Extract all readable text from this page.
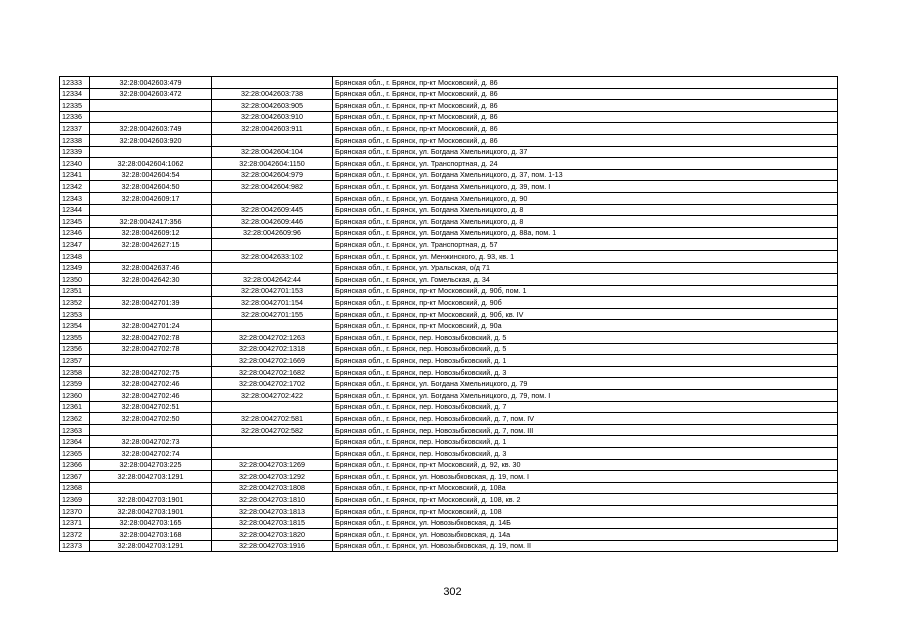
12333	32:28:0042603:479		Брянская обл., г. Брянск, пр-кт Московский, д. 86
12334	32:28:0042603:472	32:28:0042603:738	Брянская обл., г. Брянск, пр-кт Московский, д. 86
12335		32:28:0042603:905	Брянская обл., г. Брянск, пр-кт Московский, д. 86
12336		32:28:0042603:910	Брянская обл., г. Брянск, пр-кт Московский, д. 86
12337	32:28:0042603:749	32:28:0042603:911	Брянская обл., г. Брянск, пр-кт Московский, д. 86
12338	32:28:0042603:920		Брянская обл., г. Брянск, пр-кт Московский, д. 86
12339		32:28:0042604:104	Брянская обл., г. Брянск, ул. Богдана Хмельницкого, д. 37
12340	32:28:0042604:1062	32:28:0042604:1150	Брянская обл., г. Брянск, ул. Транспортная, д. 24
12341	32:28:0042604:54	32:28:0042604:979	Брянская обл., г. Брянск, ул. Богдана Хмельницкого, д. 37, пом. 1-13
12342	32:28:0042604:50	32:28:0042604:982	Брянская обл., г. Брянск, ул. Богдана Хмельницкого, д. 39, пом. I
12343	32:28:0042609:17		Брянская обл., г. Брянск, ул. Богдана Хмельницкого, д. 90
12344		32:28:0042609:445	Брянская обл., г. Брянск, ул. Богдана Хмельницкого, д. 8
12345	32:28:0042417:356	32:28:0042609:446	Брянская обл., г. Брянск, ул. Богдана Хмельницкого, д. 8
12346	32:28:0042609:12	32:28:0042609:96	Брянская обл., г. Брянск, ул. Богдана Хмельницкого, д. 88а, пом. 1
12347	32:28:0042627:15		Брянская обл., г. Брянск, ул. Транспортная, д. 57
12348		32:28:0042633:102	Брянская обл., г. Брянск, ул. Менжинского, д. 93, кв. 1
12349	32:28:0042637:46		Брянская обл., г. Брянск, ул. Уральская, о/д 71
12350	32:28:0042642:30	32:28:0042642:44	Брянская обл., г. Брянск, ул. Гомельская, д. 34
12351		32:28:0042701:153	Брянская обл., г. Брянск, пр-кт Московский, д. 90б, пом. 1
12352	32:28:0042701:39	32:28:0042701:154	Брянская обл., г. Брянск, пр-кт Московский, д. 90б
12353		32:28:0042701:155	Брянская обл., г. Брянск, пр-кт Московский, д. 90б, кв. IV
12354	32:28:0042701:24		Брянская обл., г. Брянск, пр-кт Московский, д. 90а
12355	32:28:0042702:78	32:28:0042702:1263	Брянская обл., г. Брянск, пер. Новозыбковский, д. 5
12356	32:28:0042702:78	32:28:0042702:1318	Брянская обл., г. Брянск, пер. Новозыбковский, д. 5
12357		32:28:0042702:1669	Брянская обл., г. Брянск, пер. Новозыбковский, д. 1
12358	32:28:0042702:75	32:28:0042702:1682	Брянская обл., г. Брянск, пер. Новозыбковский, д. 3
12359	32:28:0042702:46	32:28:0042702:1702	Брянская обл., г. Брянск, ул. Богдана Хмельницкого, д. 79
12360	32:28:0042702:46	32:28:0042702:422	Брянская обл., г. Брянск, ул. Богдана Хмельницкого, д. 79, пом. I
12361	32:28:0042702:51		Брянская обл., г. Брянск, пер. Новозыбковский, д. 7
12362	32:28:0042702:50	32:28:0042702:581	Брянская обл., г. Брянск, пер. Новозыбковский, д. 7, пом. IV
12363		32:28:0042702:582	Брянская обл., г. Брянск, пер. Новозыбковский, д. 7, пом. III
12364	32:28:0042702:73		Брянская обл., г. Брянск, пер. Новозыбковский, д. 1
12365	32:28:0042702:74		Брянская обл., г. Брянск, пер. Новозыбковский, д. 3
12366	32:28:0042703:225	32:28:0042703:1269	Брянская обл., г. Брянск, пр-кт Московский, д. 92, кв. 30
12367	32:28:0042703:1291	32:28:0042703:1292	Брянская обл., г. Брянск, ул. Новозыбковская, д. 19, пом. I
12368		32:28:0042703:1808	Брянская обл., г. Брянск, пр-кт Московский, д. 108а
12369	32:28:0042703:1901	32:28:0042703:1810	Брянская обл., г. Брянск, пр-кт Московский, д. 108, кв. 2
12370	32:28:0042703:1901	32:28:0042703:1813	Брянская обл., г. Брянск, пр-кт Московский, д. 108
12371	32:28:0042703:165	32:28:0042703:1815	Брянская обл., г. Брянск, ул. Новозыбковская, д. 14Б
12372	32:28:0042703:168	32:28:0042703:1820	Брянская обл., г. Брянск, ул. Новозыбковская, д. 14а
12373	32:28:0042703:1291	32:28:0042703:1916	Брянская обл., г. Брянск, ул. Новозыбковская, д. 19, пом. II
302
